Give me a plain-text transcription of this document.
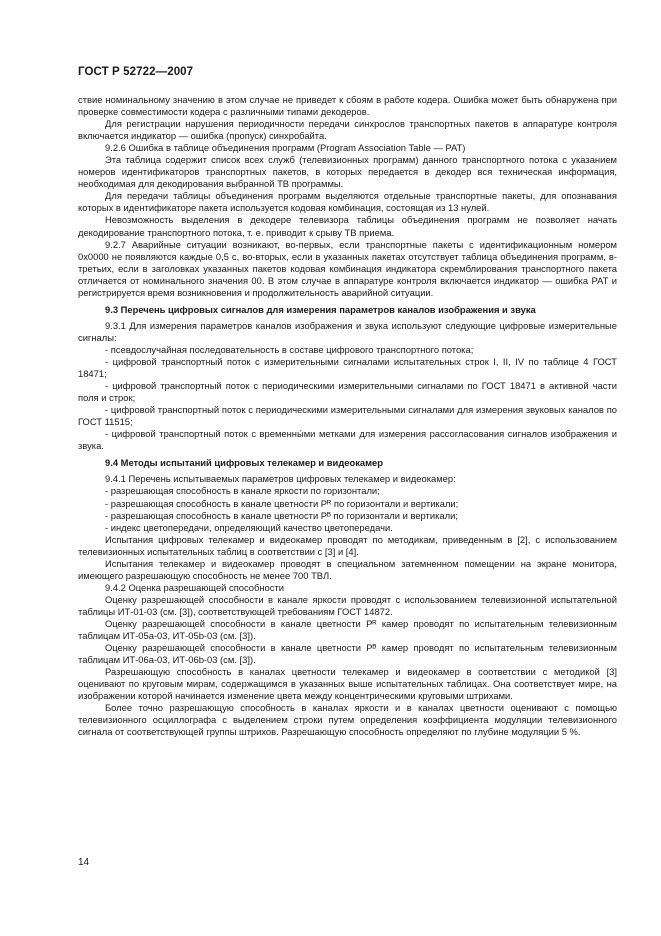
ГОСТ Р 52722—2007

ствие номинальному значению в этом случае не приведет к сбоям в работе кодера. Ошибка может быть обнаружена при проверке совместимости кодера с различными типами декодеров.

Для регистрации нарушения периодичности передачи синхрослов транспортных пакетов в аппаратуре контроля включается индикатор — ошибка (пропуск) синхробайта.

9.2.6 Ошибка в таблице объединения программ (Program Association Table — PAT)

Эта таблица содержит список всех служб (телевизионных программ) данного транспортного потока с указанием номеров идентификаторов транспортных пакетов, в которых передается в декодер вся техническая информация, необходимая для декодирования выбранной ТВ программы.

Для передачи таблицы объединения программ выделяются отдельные транспортные пакеты, для опознавания которых в идентификаторе пакета используется кодовая комбинация, состоящая из 13 нулей.

Невозможность выделения в декодере телевизора таблицы объединения программ не позволяет начать декодирование транспортного потока, т. е. приводит к срыву ТВ приема.

9.2.7 Аварийные ситуации возникают, во-первых, если транспортные пакеты с идентификационным номером 0x0000 не появляются каждые 0,5 с, во-вторых, если в указанных пакетах отсутствует таблица объединения программ, в-третьих, если в заголовках указанных пакетов кодовая комбинация индикатора скремблирования транспортного пакета отличается от номинального значения 00. В этом случае в аппаратуре контроля включается индикатор — ошибка РАТ и регистрируется время возникновения и продолжительность аварийной ситуации.

9.3 Перечень цифровых сигналов для измерения параметров каналов изображения и звука

9.3.1 Для измерения параметров каналов изображения и звука используют следующие цифровые измерительные сигналы:

- псевдослучайная последовательность в составе цифрового транспортного потока;

- цифровой транспортный поток с измерительными сигналами испытательных строк I, II, IV по таблице 4 ГОСТ 18471;

- цифровой транспортный поток с периодическими измерительными сигналами по ГОСТ 18471 в активной части поля и строк;

- цифровой транспортный поток с периодическими измерительными сигналами для измерения звуковых каналов по ГОСТ 11515;

- цифровой транспортный поток с временны́ми метками для измерения рассогласования сигналов изображения и звука.

9.4 Методы испытаний цифровых телекамер и видеокамер

9.4.1 Перечень испытываемых параметров цифровых телекамер и видеокамер:

- разрешающая способность в канале яркости по горизонтали;

- разрешающая способность в канале цветности Pᴿ по горизонтали и вертикали;

- разрешающая способность в канале цветности Pᴮ по горизонтали и вертикали;

- индекс цветопередачи, определяющий качество цветопередачи.

Испытания цифровых телекамер и видеокамер проводят по методикам, приведенным в [2], с использованием телевизионных испытательных таблиц в соответствии с [3] и [4].

Испытания телекамер и видеокамер проводят в специальном затемненном помещении на экране монитора, имеющего разрешающую способность не менее 700 ТВЛ.

9.4.2 Оценка разрешающей способности

Оценку разрешающей способности в канале яркости проводят с использованием телевизионной испытательной таблицы ИТ-01-03 (см. [3]), соответствующей требованиям ГОСТ 14872.

Оценку разрешающей способности в канале цветности Pᴿ камер проводят по испытательным телевизионным таблицам ИТ-05а-03, ИТ-05b-03 (см. [3]).

Оценку разрешающей способности в канале цветности Pᴮ камер проводят по испытательным телевизионным таблицам ИТ-06а-03, ИТ-06b-03 (см. [3]).

Разрешающую способность в каналах цветности телекамер и видеокамер в соответствии с методикой [3] оценивают по круговым мирам, содержащимся в указанных выше испытательных таблицах. Она соответствует мире, на изображении которой начинается изменение цвета между концентрическими круговыми штрихами.

Более точно разрешающую способность в каналах яркости и в каналах цветности оценивают с помощью телевизионного осциллографа с выделением строки путем определения коэффициента модуляции телевизионного сигнала от соответствующей группы штрихов. Разрешающую способность определяют по глубине модуляции 5 %.

14
